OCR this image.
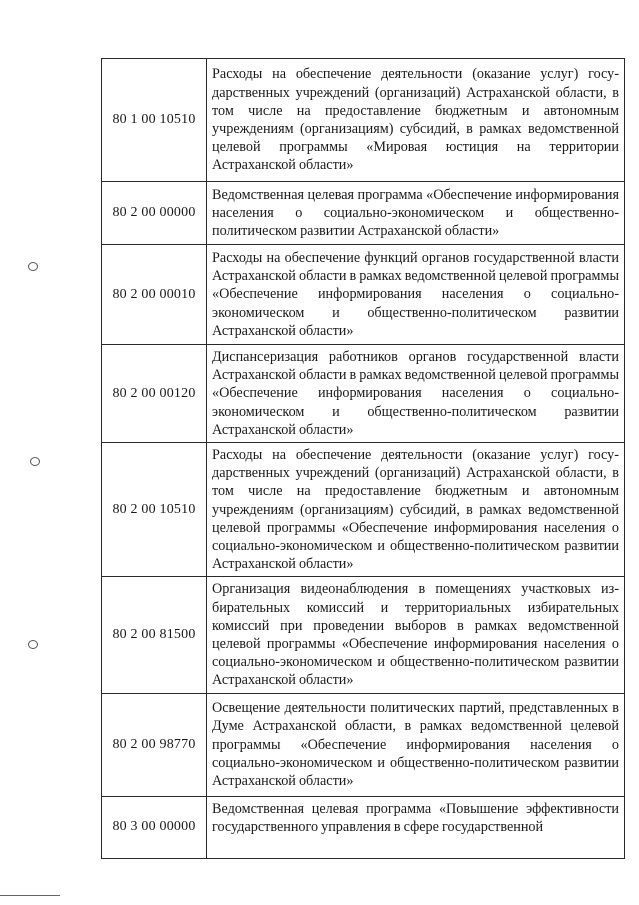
80 1 00 10510	Расходы на обеспечение деятельности (оказание услуг) государственных учреждений (организаций) Астраханской области, в том числе на предоставление бюджетным и автономным учреждениям (организациям) субсидий, в рамках ведомственной целевой программы «Мировая юстиция на территории Астраханской области»
80 2 00 00000	Ведомственная целевая программа «Обеспечение информирования населения о социально-экономическом и общественно-политическом развитии Астраханской области»
80 2 00 00010	Расходы на обеспечение функций органов государственной власти Астраханской области в рамках ведомственной целевой программы «Обеспечение информирования населения о социально-экономическом и общественно-политическом развитии Астраханской области»
80 2 00 00120	Диспансеризация работников органов государственной власти Астраханской области в рамках ведомственной целевой программы «Обеспечение информирования населения о социально-экономическом и общественно-политическом развитии Астраханской области»
80 2 00 10510	Расходы на обеспечение деятельности (оказание услуг) государственных учреждений (организаций) Астраханской области, в том числе на предоставление бюджетным и автономным учреждениям (организациям) субсидий, в рамках ведомственной целевой программы «Обеспечение информирования населения о социально-экономическом и общественно-политическом развитии Астраханской области»
80 2 00 81500	Организация видеонаблюдения в помещениях участковых избирательных комиссий и территориальных избирательных комиссий при проведении выборов в рамках ведомственной целевой программы «Обеспечение информирования населения о социально-экономическом и общественно-политическом развитии Астраханской области»
80 2 00 98770	Освещение деятельности политических партий, представленных в Думе Астраханской области, в рамках ведомственной целевой программы «Обеспечение информирования населения о социально-экономическом и общественно-политическом развитии Астраханской области»
80 3 00 00000	Ведомственная целевая программа «Повышение эффективности государственного управления в сфере государственной
